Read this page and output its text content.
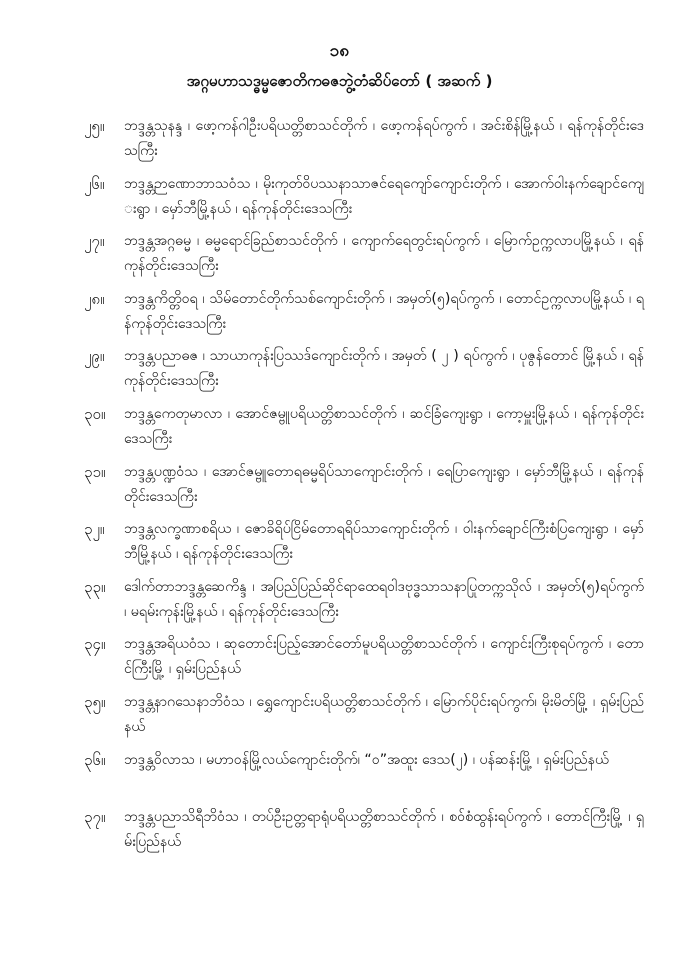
၁၈
အဂ္ဂမဟာသဒ္ဓမ္မဇောတိကဓဇဘွဲ့တံဆိပ်တော် ( အဆက် )
၂၅။	ဘဒ္ဒန္တသုနန္ဒ ၊ ဖော့ကန်ဂါဦးပရိယတ္တိစာသင်တိုက် ၊ ဖော့ကန်ရပ်ကွက် ၊ အင်းစိန်မြို့နယ် ၊ ရန်ကုန်တိုင်းဒေသကြီး
၂၆။	ဘဒ္ဒန္တဉာဏောဘာသဝံသ ၊ မိုးကုတ်ဝိပဿနာသာဇင်ရေကျော်ကျောင်းတိုက် ၊ အောက်ဝါးနက်ချောင်ကျေးရွာ ၊ မှော်ဘီမြို့နယ် ၊ ရန်ကုန်တိုင်းဒေသကြီး
၂၇။	ဘဒ္ဒန္တအဂ္ဂဓမ္မ ၊ ဓမ္မရောင်ခြည်စာသင်တိုက် ၊ ကျောက်ရေတွင်းရပ်ကွက် ၊ မြောက်ဥက္ကလာပမြို့နယ် ၊ ရန်ကုန်တိုင်းဒေသကြီး
၂၈။	ဘဒ္ဒန္တကိတ္တိဝရ ၊ သိမ်တောင်တိုက်သစ်ကျောင်းတိုက် ၊ အမှတ်(၅)ရပ်ကွက် ၊ တောင်ဥက္ကလာပမြို့နယ် ၊ ရန်ကုန်တိုင်းဒေသကြီး
၂၉။	ဘဒ္ဒန္တပညာဓဇ ၊ သာယာကုန်းပြဿဒ်ကျောင်းတိုက် ၊ အမှတ် ( ၂ ) ရပ်ကွက် ၊ ပုဇွန်တောင် မြို့နယ် ၊ ရန်ကုန်တိုင်းဒေသကြီး
၃၀။	ဘဒ္ဒန္တကေတုမာလာ ၊ အောင်ဇမ္ဗူပရိယတ္တိစာသင်တိုက် ၊ ဆင်ခြံကျေးရွာ ၊ ကော့မှူးမြို့နယ် ၊ ရန်ကုန်တိုင်းဒေသကြီး
၃၁။	ဘဒ္ဒန္တပဏ္ဍဝံသ ၊ အောင်ဇမ္ဗူတောရဓမ္မရိပ်သာကျောင်းတိုက် ၊ ရေပြာကျေးရွာ ၊ မှော်ဘီမြို့နယ် ၊ ရန်ကုန်တိုင်းဒေသကြီး
၃၂။	ဘဒ္ဒန္တလက္ခဏာစရိယ ၊ ဇောခိရိပ်ငြိမ်တောရရိပ်သာကျောင်းတိုက် ၊ ဝါးနက်ချောင်ကြီးစံပြကျေးရွာ ၊ မှော်ဘီမြို့နယ် ၊ ရန်ကုန်တိုင်းဒေသကြီး
၃၃။	ဒေါက်တာဘဒ္ဒန္တဆေကိန္ဒ ၊ အပြည်ပြည်ဆိုင်ရာထေရဝါဒဗုဒ္ဓသာသနာပြုတက္ကသိုလ် ၊ အမှတ်(၅)ရပ်ကွက် ၊ မရမ်းကုန်းမြို့နယ် ၊ ရန်ကုန်တိုင်းဒေသကြီး
၃၄။	ဘဒ္ဒန္တအရိယဝံသ ၊ ဆုတောင်းပြည့်အောင်တော်မူပရိယတ္တိစာသင်တိုက် ၊ ကျောင်းကြီးစုရပ်ကွက် ၊ တောင်ကြီးမြို့ ၊ ရှမ်းပြည်နယ်
၃၅။	ဘဒ္ဒန္တနာဂသေနာဘိဝံသ ၊ ရွှေကျောင်းပရိယတ္တိစာသင်တိုက် ၊ မြောက်ပိုင်းရပ်ကွက်၊ မိုးမိတ်မြို့ ၊ ရှမ်းပြည်နယ်
၃၆။	ဘဒ္ဒန္တဝိလာသ ၊ မဟာဝန်မြို့လယ်ကျောင်းတိုက်၊ “ဝ”အထူး ဒေသ(၂) ၊ ပန်ဆန်းမြို့ ၊ ရှမ်းပြည်နယ်
၃၇။	ဘဒ္ဒန္တပညာသိရီဘိဝံသ ၊ တပ်ဦးဥတ္တရာရုံပရိယတ္တိစာသင်တိုက် ၊ စဝ်စံထွန်းရပ်ကွက် ၊ တောင်ကြီးမြို့ ၊ ရှမ်းပြည်နယ်
